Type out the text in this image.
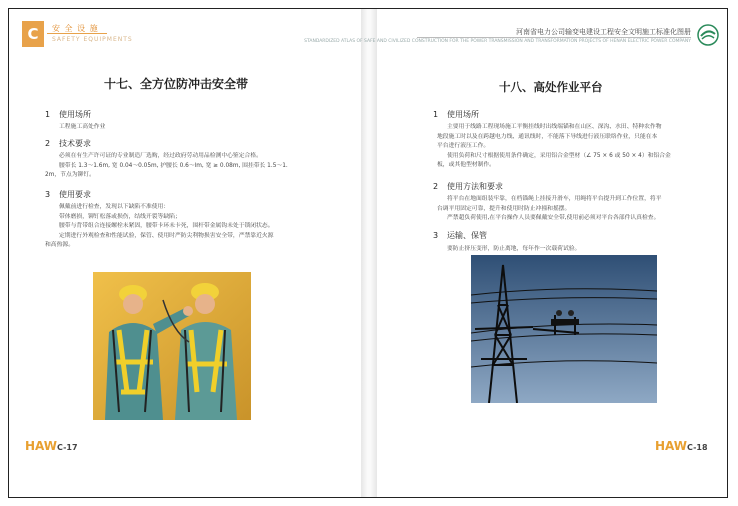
C	安 全 设 施
SAFETY EQUIPMENTS
十七、全方位防冲击安全带
1 使用场所
工程施工高处作业
2 技术要求
必须在有生产许可证的专业制造厂选购，经过政府劳动用品检测中心鉴定合格。
腰带长 1.3～1.6m, 宽 0.04～0.05m, 护腰长 0.6～lm, 宽 ≥ 0.08m, 围挂带长 1.5～1.
2m，节点为铆钉。
3 使用要求
佩戴前进行检查，发现以下缺陷不准使用：
带体磨损，铆钉松落或损伤，结线开裂等缺陷；
腰带与背带组合连接螺栓未紧固，腰带卡环未卡死，围杆带金属钩未处于锁闭状态。
定期进行外观检查和性能试验，保管、使用时严防尖利物损害安全带，严禁靠近火源
和高热源。
HAWC-17
河南省电力公司输变电建设工程安全文明施工标准化图册
STANDARDIZED ATLAS OF SAFE AND CIVILIZED CONSTRUCTION FOR THE POWER TRANSMISSION AND TRANSFORMATION PROJECTS OF HENAN ELECTRIC POWER COMPANY
十八、高处作业平台
1 使用场所
主要用于线路工程现场施工平衡挂线时出线端锚和在山区、深沟、水田、特种农作物
地段施工时以及在跨越电力线、通讯线时，不能落下导线进行液压联络作业，只能在本
平台进行液压工作。
使用负荷和尺寸根据使用条件确定，采用铝合金型材（∠ 75 × 6 或 50 × 4）和铝合金
板，或其他型材制作。
2 使用方法和要求
将平台在地面组装牢靠，在档锚绳上挂接升滑车，用绳将平台提升到工作位置，将平
台调平用固定可靠，提升和使用时防止冲撞和摇摆。
严禁超负荷使用,在平台操作人员要佩戴安全带,使用前必须对平台各部件认真检查。
3 运输、保管
要防止挤压变形，防止离地，每年作一次载荷试验。
HAWC-18
